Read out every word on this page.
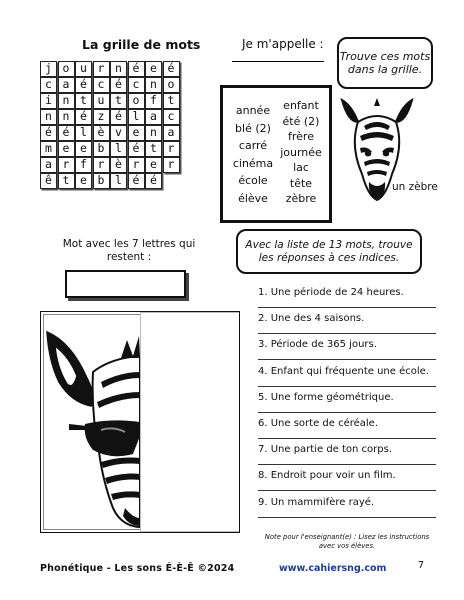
La grille de mots	Je m'appelle :
j o u r n é e é
c a é c é c n o
i n t u t o f t
n n é z é l a c
é é l è v e n a
m e e b l é t r
a r f r è r e r
ê t e b l é é
Trouve ces mots dans la grille.
année
blé (2)
carré
cinéma
école
élève
enfant
été (2)
frère
journée
lac
tête
zèbre
un zèbre
Mot avec les 7 lettres qui restent :
Avec la liste de 13 mots, trouve les réponses à ces indices.
1. Une période de 24 heures.
2. Une des 4 saisons.
3. Période de 365 jours.
4. Enfant qui fréquente une école.
5. Une forme géométrique.
6. Une sorte de céréale.
7. Une partie de ton corps.
8. Endroit pour voir un film.
9. Un mammifère rayé.
Note pour l'enseignant(e) : Lisez les instructions avec vos élèves.
Phonétique - Les sons É-È-Ê ©2024	www.cahiersng.com	7
